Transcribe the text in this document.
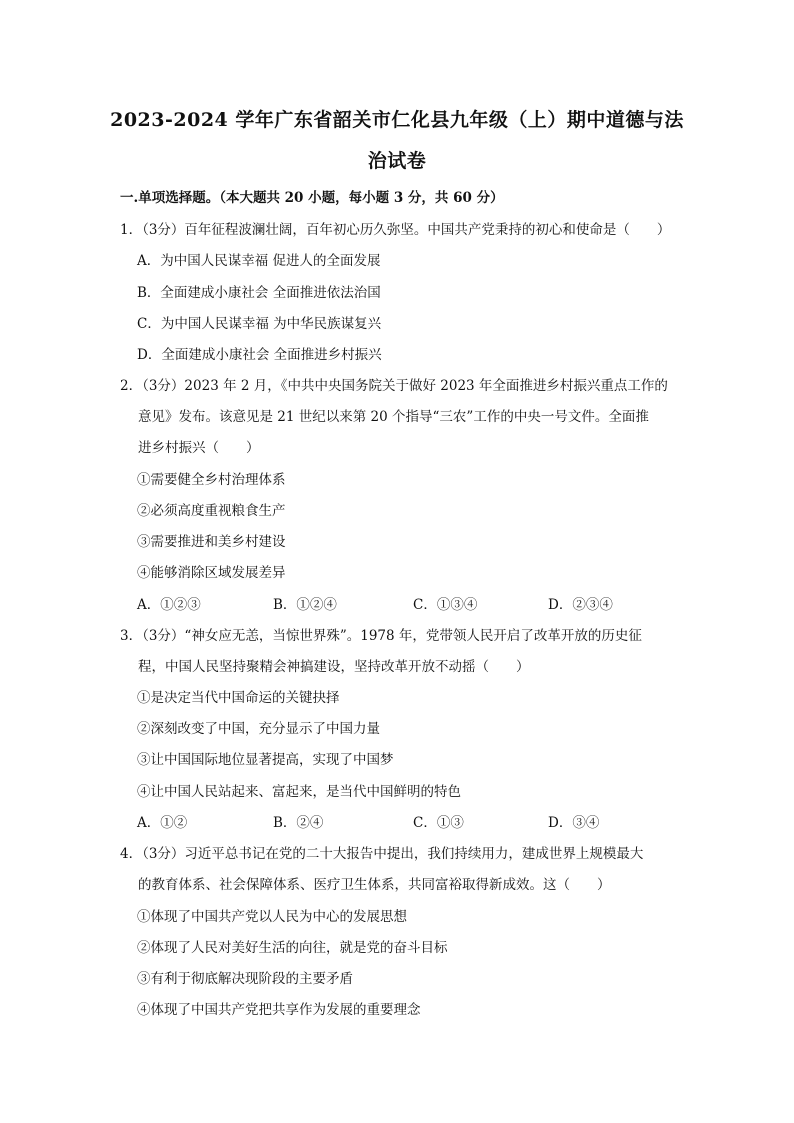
2023-2024 学年广东省韶关市仁化县九年级（上）期中道德与法
治试卷
一.单项选择题。（本大题共 20 小题，每小题 3 分，共 60 分）
1．（3分）百年征程波澜壮阔，百年初心历久弥坚。中国共产党秉持的初心和使命是（　　）
A．为中国人民谋幸福 促进人的全面发展
B．全面建成小康社会 全面推进依法治国
C．为中国人民谋幸福 为中华民族谋复兴
D．全面建成小康社会 全面推进乡村振兴
2．（3分）2023 年 2 月，《中共中央国务院关于做好 2023 年全面推进乡村振兴重点工作的
意见》发布。该意见是 21 世纪以来第 20 个指导“三农”工作的中央一号文件。全面推
进乡村振兴（　　）
①需要健全乡村治理体系
②必须高度重视粮食生产
③需要推进和美乡村建设
④能够消除区域发展差异
A．①②③	B．①②④	C．①③④	D．②③④
3．（3分）“神女应无恙，当惊世界殊”。1978 年，党带领人民开启了改革开放的历史征
程，中国人民坚持聚精会神搞建设，坚持改革开放不动摇（　　）
①是决定当代中国命运的关键抉择
②深刻改变了中国，充分显示了中国力量
③让中国国际地位显著提高，实现了中国梦
④让中国人民站起来、富起来，是当代中国鲜明的特色
A．①②	B．②④	C．①③	D．③④
4．（3分）习近平总书记在党的二十大报告中提出，我们持续用力，建成世界上规模最大
的教育体系、社会保障体系、医疗卫生体系，共同富裕取得新成效。这（　　）
①体现了中国共产党以人民为中心的发展思想
②体现了人民对美好生活的向往，就是党的奋斗目标
③有利于彻底解决现阶段的主要矛盾
④体现了中国共产党把共享作为发展的重要理念
